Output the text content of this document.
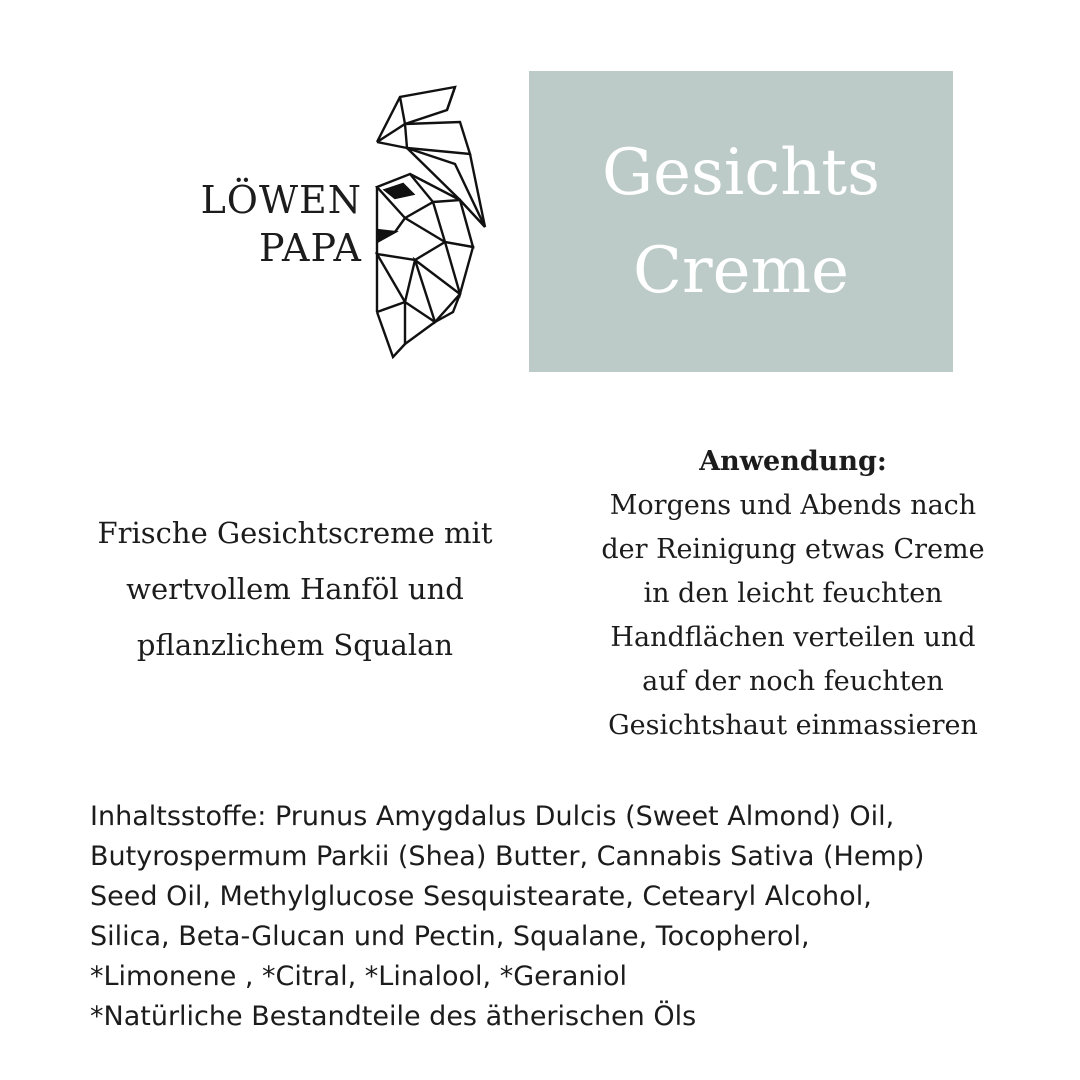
LÖWEN
PAPA
Gesichts
Creme
Frische Gesichtscreme mit
wertvollem Hanföl und
pflanzlichem Squalan
Anwendung:
Morgens und Abends nach
der Reinigung etwas Creme
in den leicht feuchten
Handflächen verteilen und
auf der noch feuchten
Gesichtshaut einmassieren
Inhaltsstoffe: Prunus Amygdalus Dulcis (Sweet Almond) Oil,
Butyrospermum Parkii (Shea) Butter, Cannabis Sativa (Hemp)
Seed Oil, Methylglucose Sesquistearate, Cetearyl Alcohol,
Silica, Beta-Glucan und Pectin, Squalane, Tocopherol,
*Limonene , *Citral, *Linalool, *Geraniol
*Natürliche Bestandteile des ätherischen Öls
